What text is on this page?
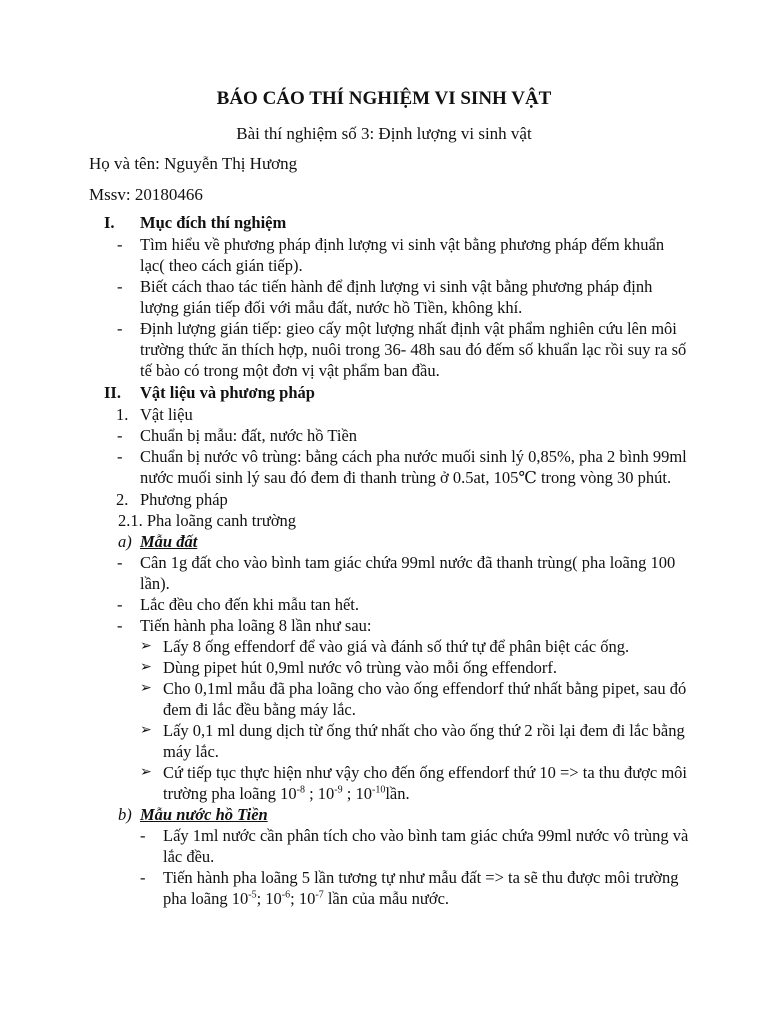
BÁO CÁO THÍ NGHIỆM VI SINH VẬT
Bài thí nghiệm số 3: Định lượng vi sinh vật
Họ và tên: Nguyễn Thị Hương
Mssv: 20180466
I. Mục đích thí nghiệm
- Tìm hiểu về phương pháp định lượng vi sinh vật bằng phương pháp đếm khuẩn lạc( theo cách gián tiếp).
- Biết cách thao tác tiến hành để định lượng vi sinh vật bằng phương pháp định lượng gián tiếp đối với mẫu đất, nước hồ Tiền, không khí.
- Định lượng gián tiếp: gieo cấy một lượng nhất định vật phẩm nghiên cứu lên môi trường thức ăn thích hợp, nuôi trong 36- 48h sau đó đếm số khuẩn lạc rồi suy ra số tế bào có trong một đơn vị vật phẩm ban đầu.
II. Vật liệu và phương pháp
1. Vật liệu
- Chuẩn bị mẫu: đất, nước hồ Tiền
- Chuẩn bị nước vô trùng: bằng cách pha nước muối sinh lý 0,85%, pha 2 bình 99ml nước muối sinh lý sau đó đem đi thanh trùng ở 0.5at, 105℃ trong vòng 30 phút.
2. Phương pháp
2.1. Pha loãng canh trường
a) Mẫu đất
- Cân 1g đất cho vào bình tam giác chứa 99ml nước đã thanh trùng( pha loãng 100 lần).
- Lắc đều cho đến khi mẫu tan hết.
- Tiến hành pha loãng 8 lần như sau:
➢ Lấy 8 ống effendorf để vào giá và đánh số thứ tự để phân biệt các ống.
➢ Dùng pipet hút 0,9ml nước vô trùng vào mỗi ống effendorf.
➢ Cho 0,1ml mẫu đã pha loãng cho vào ống effendorf thứ nhất bằng pipet, sau đó đem đi lắc đều bằng máy lắc.
➢ Lấy 0,1 ml dung dịch từ ống thứ nhất cho vào ống thứ 2 rồi lại đem đi lắc bằng máy lắc.
➢ Cứ tiếp tục thực hiện như vậy cho đến ống effendorf thứ 10 => ta thu được môi trường pha loãng $10^{-8}$ ; $10^{-9}$ ; $10^{-10}lần$.
b) Mẫu nước hồ Tiền
- Lấy 1ml nước cần phân tích cho vào bình tam giác chứa 99ml nước vô trùng và lắc đều.
- Tiến hành pha loãng 5 lần tương tự như mẫu đất => ta sẽ thu được môi trường pha loãng $10^{-5}$; $10^{-6}$; $10^{-7}$ lần của mẫu nước.
